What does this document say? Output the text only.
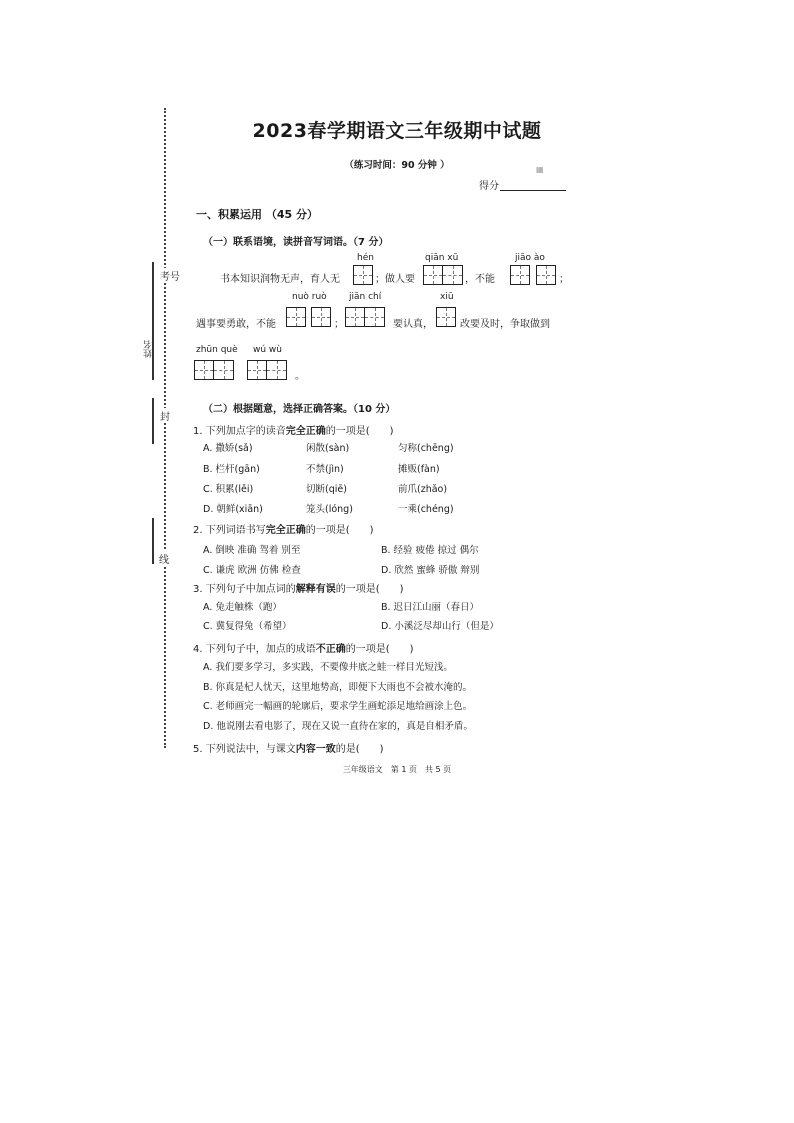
考号
姓名
封
线
2023春学期语文三年级期中试题
（练习时间：90 分钟 ）	▦
得分
一、积累运用 （45 分）
（一）联系语境，读拼音写词语。（7 分）
hén	qiān xū	jiāo ào
书本知识润物无声，育人无	；做人要	，不能	；
nuò ruò jiān chí	xiū
遇事要勇敢，不能	；	要认真，	改要及时，争取做到
zhūn què wú wù
。
（二）根据题意，选择正确答案。（10 分）
1. 下列加点字的读音完全正确的一项是(　　)
A. 撒娇(sǎ)	闲散(sàn)	匀称(chēng)
B. 栏杆(gān)	不禁(jìn)	摊贩(fàn)
C. 积累(lěi)	切断(qiē)	前爪(zhǎo)
D. 朝鲜(xiān)	笼头(lóng)	一乘(chéng)
2. 下列词语书写完全正确的一项是(　　)
A. 倒映 准确 驾着 别至	B. 经验 疲倦 掠过 偶尔
C. 谦虎 欧洲 仿佛 检查	D. 欣然 蜜蜂 骄傲 辩别
3. 下列句子中加点词的解释有误的一项是(　　)
A. 兔走触株（跑）	B. 迟日江山丽（春日）
C. 冀复得兔（希望）	D. 小溪泛尽却山行（但是）
4. 下列句子中，加点的成语不正确的一项是(　　)
A. 我们要多学习，多实践，不要像井底之蛙一样目光短浅。
B. 你真是杞人忧天，这里地势高，即便下大雨也不会被水淹的。
C. 老师画完一幅画的轮廓后，要求学生画蛇添足地给画涂上色。
D. 他说刚去看电影了，现在又说一直待在家的，真是自相矛盾。
5. 下列说法中，与课文内容一致的是(　　)
三年级语文　第 1 页　共 5 页
